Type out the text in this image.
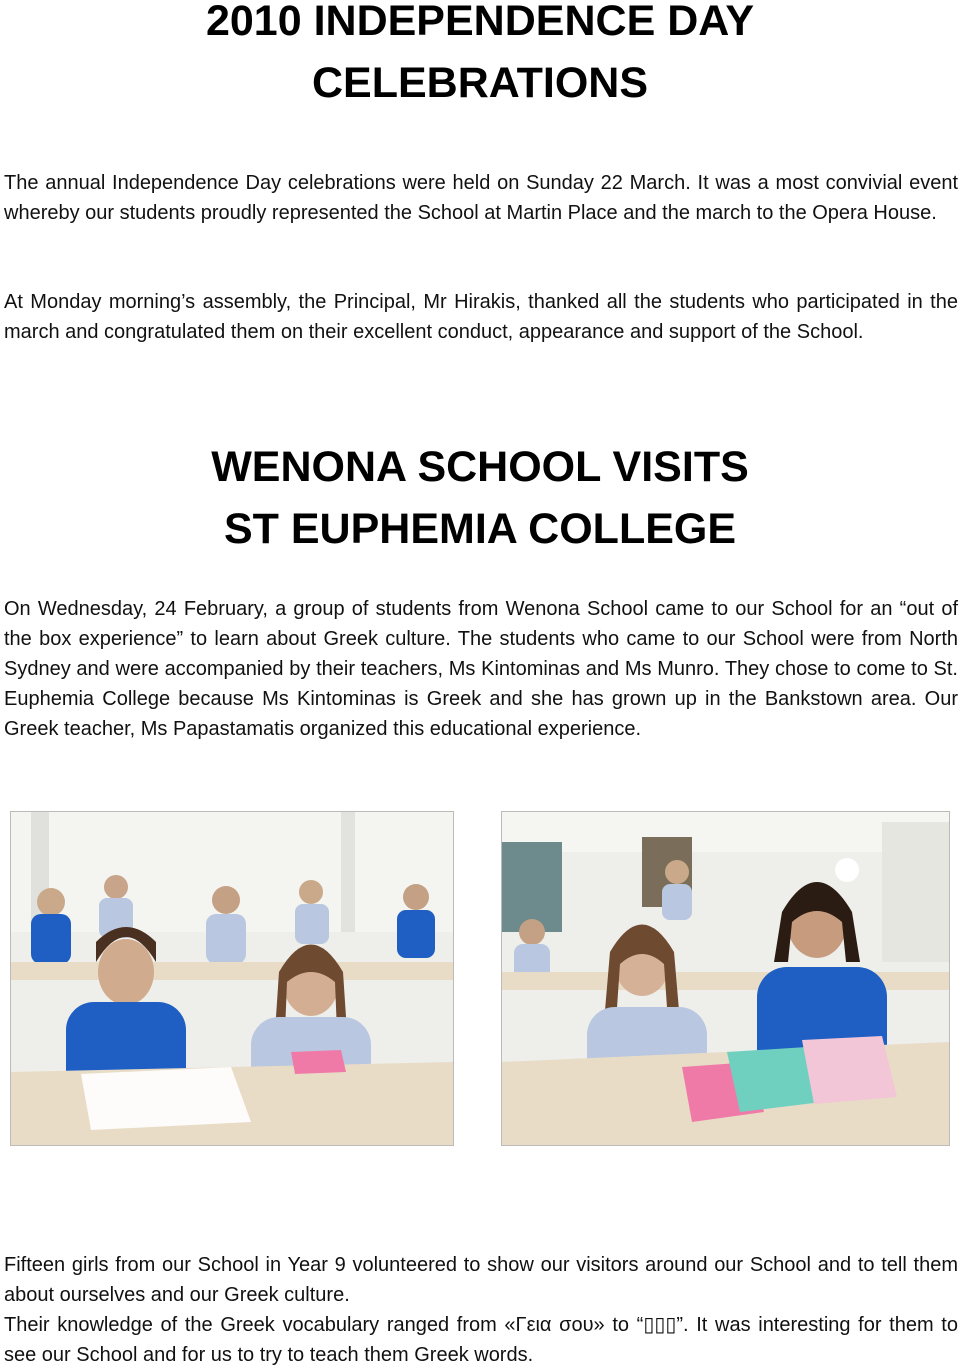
2010 INDEPENDENCE DAY
CELEBRATIONS

The annual Independence Day celebrations were held on Sunday 22 March. It was a most convivial event whereby our students proudly represented the School at Martin Place and the march to the Opera House.

At Monday morning’s assembly, the Principal, Mr Hirakis, thanked all the students who participated in the march and congratulated them on their excellent conduct, appearance and support of the School.

WENONA SCHOOL VISITS
ST EUPHEMIA COLLEGE

On Wednesday, 24 February, a group of students from Wenona School came to our School for an “out of the box experience” to learn about Greek culture. The students who came to our School were from North Sydney and were accompanied by their teachers, Ms Kintominas and Ms Munro. They chose to come to St. Euphemia College because Ms Kintominas is Greek and she has grown up in the Bankstown area. Our Greek teacher, Ms Papastamatis organized this educational experience.

Fifteen girls from our School in Year 9 volunteered to show our visitors around our School and to tell them about ourselves and our Greek culture.

Their knowledge of the Greek vocabulary ranged from «Γεια σου» to “▯▯▯”. It was interesting for them to see our School and for us to try to teach them Greek words.
